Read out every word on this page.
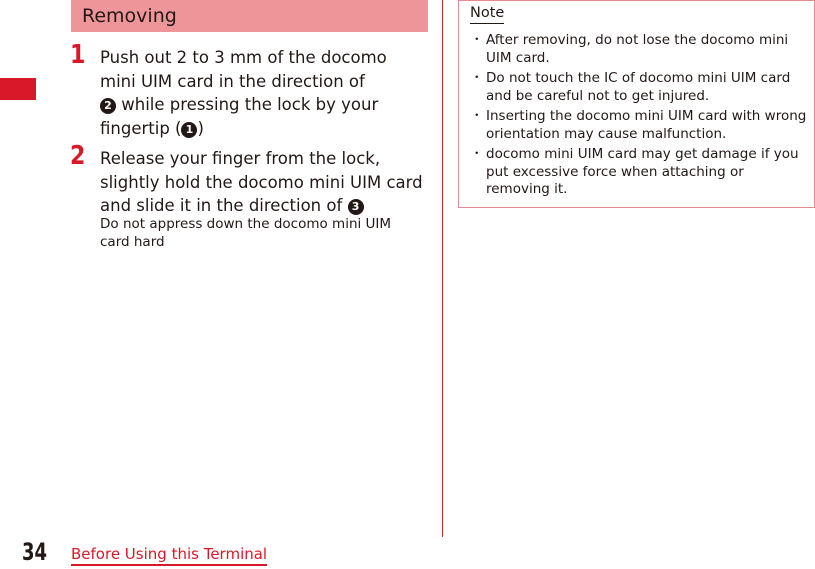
Removing
1 Push out 2 to 3 mm of the docomo mini UIM card in the direction of
2 while pressing the lock by your fingertip ( 1 )
2 Release your finger from the lock, slightly hold the docomo mini UIM card and slide it in the direction of 3
Do not appress down the docomo mini UIM card hard
Note
・ After removing, do not lose the docomo mini UIM card.
・ Do not touch the IC of docomo mini UIM card and be careful not to get injured.
・ Inserting the docomo mini UIM card with wrong orientation may cause malfunction.
・ docomo mini UIM card may get damage if you put excessive force when attaching or removing it.
34 Before Using this Terminal
